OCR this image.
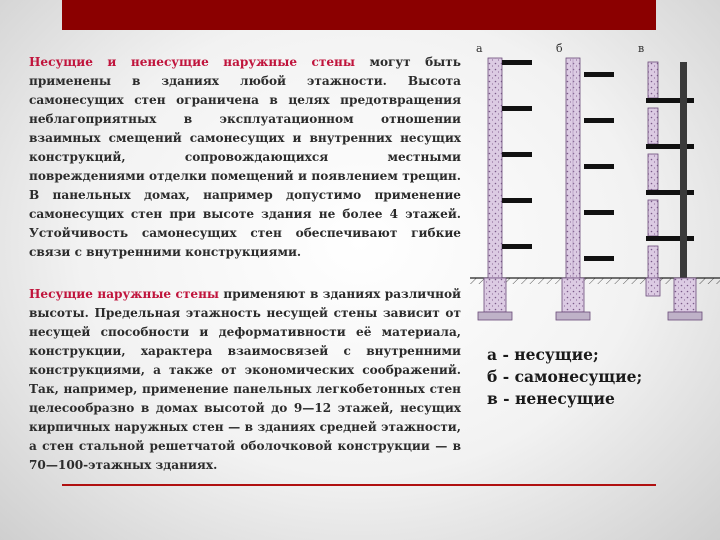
Несущие и ненесущие наружные стены могут быть применены в зданиях любой этажности. Высота самонесущих стен ограничена в целях предотвращения неблагоприятных в эксплуатационном отношении взаимных смещений самонесущих и внутренних несущих конструкций, сопровождающихся местными повреждениями отделки помещений и появлением трещин. В панельных домах, например допустимо применение самонесущих стен при высоте здания не более 4 этажей. Устойчивость самонесущих стен обеспечивают гибкие связи с внутренними конструкциями.

Несущие наружные стены применяют в зданиях различной высоты. Предельная этажность несущей стены зависит от несущей способности и деформативности её материала, конструкции, характера взаимосвязей с внутренними конструкциями, а также от экономических соображений. Так, например, применение панельных легкобетонных стен целесообразно в домах высотой до 9—12 этажей, несущих кирпичных наружных стен — в зданиях средней этажности, а стен стальной решетчатой оболочковой конструкции — в 70—100-этажных зданиях.

а	б	в
а - несущие;
б - самонесущие;
в - ненесущие
